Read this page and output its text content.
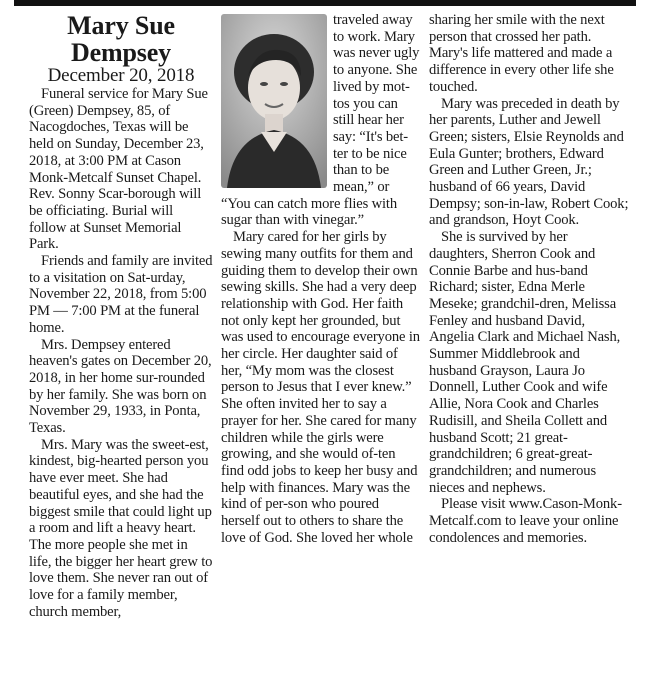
Mary Sue
Dempsey

December 20, 2018

Funeral service for Mary Sue (Green) Dempsey, 85, of Nacogdoches, Texas will be held on Sunday, December 23, 2018, at 3:00 PM at Cason Monk-Metcalf Sunset Chapel. Rev. Sonny Scar-borough will be officiating. Burial will follow at Sunset Memorial Park.

Friends and family are invited to a visitation on Sat-urday, November 22, 2018, from 5:00 PM — 7:00 PM at the funeral home.

Mrs. Dempsey entered heaven's gates on December 20, 2018, in her home sur-rounded by her family. She was born on November 29, 1933, in Ponta, Texas.

Mrs. Mary was the sweet-est, kindest, big-hearted person you have ever meet. She had beautiful eyes, and she had the biggest smile that could light up a room and lift a heavy heart. The more people she met in life, the bigger her heart grew to love them. She never ran out of love for a family member, church member,

traveled away to work. Mary was never ugly to anyone. She lived by mot-tos you can still hear her say: “It's bet-ter to be nice than to be mean,” or “You can catch more flies with sugar than with vinegar.”

Mary cared for her girls by sewing many outfits for them and guiding them to develop their own sewing skills. She had a very deep relationship with God. Her faith not only kept her grounded, but was used to encourage everyone in her circle. Her daughter said of her, “My mom was the closest person to Jesus that I ever knew.” She often invited her to say a prayer for her. She cared for many children while the girls were growing, and she would of-ten find odd jobs to keep her busy and help with finances. Mary was the kind of per-son who poured herself out to others to share the love of God. She loved her whole

sharing her smile with the next person that crossed her path. Mary's life mattered and made a difference in every other life she touched.

Mary was preceded in death by her parents, Luther and Jewell Green; sisters, Elsie Reynolds and Eula Gunter; brothers, Edward Green and Luther Green, Jr.; husband of 66 years, David Dempsy; son-in-law, Robert Cook; and grandson, Hoyt Cook.

She is survived by her daughters, Sherron Cook and Connie Barbe and hus-band Richard; sister, Edna Merle Meseke; grandchil-dren, Melissa Fenley and husband David, Angelia Clark and Michael Nash, Summer Middlebrook and husband Grayson, Laura Jo Donnell, Luther Cook and wife Allie, Nora Cook and Charles Rudisill, and Sheila Collett and husband Scott; 21 great-grandchildren; 6 great-great-grandchildren; and numerous nieces and nephews.

Please visit www.Cason-Monk-Metcalf.com to leave your online condolences and memories.
